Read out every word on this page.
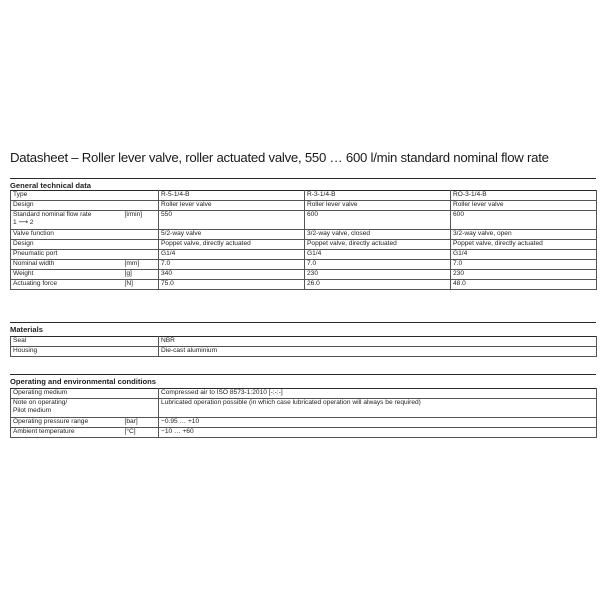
Datasheet – Roller lever valve, roller actuated valve, 550 … 600 l/min standard nominal flow rate
General technical data
Type		R-5-1/4-B	R-3-1/4-B	RO-3-1/4-B
Design		Roller lever valve	Roller lever valve	Roller lever valve

Standard nominal flow rate
1 ⟶ 2	[l/min]	550	600	600
Valve function		5/2-way valve	3/2-way valve, closed	3/2-way valve, open
Design		Poppet valve, directly actuated	Poppet valve, directly actuated	Poppet valve, directly actuated
Pneumatic port		G1/4	G1/4	G1/4
Nominal width	[mm]	7.0	7.0	7.0
Weight	[g]	340	230	230
Actuating force	[N]	75.0	26.0	48.0
Materials
Seal	NBR
Housing	Die-cast aluminium
Operating and environmental conditions
Operating medium		Compressed air to ISO 8573-1:2010 [-:-:-]

Note on operating/
Pilot medium		Lubricated operation possible (in which case lubricated operation will always be required)
Operating pressure range	[bar]	−0.95 … +10
Ambient temperature	[°C]	−10 … +60
